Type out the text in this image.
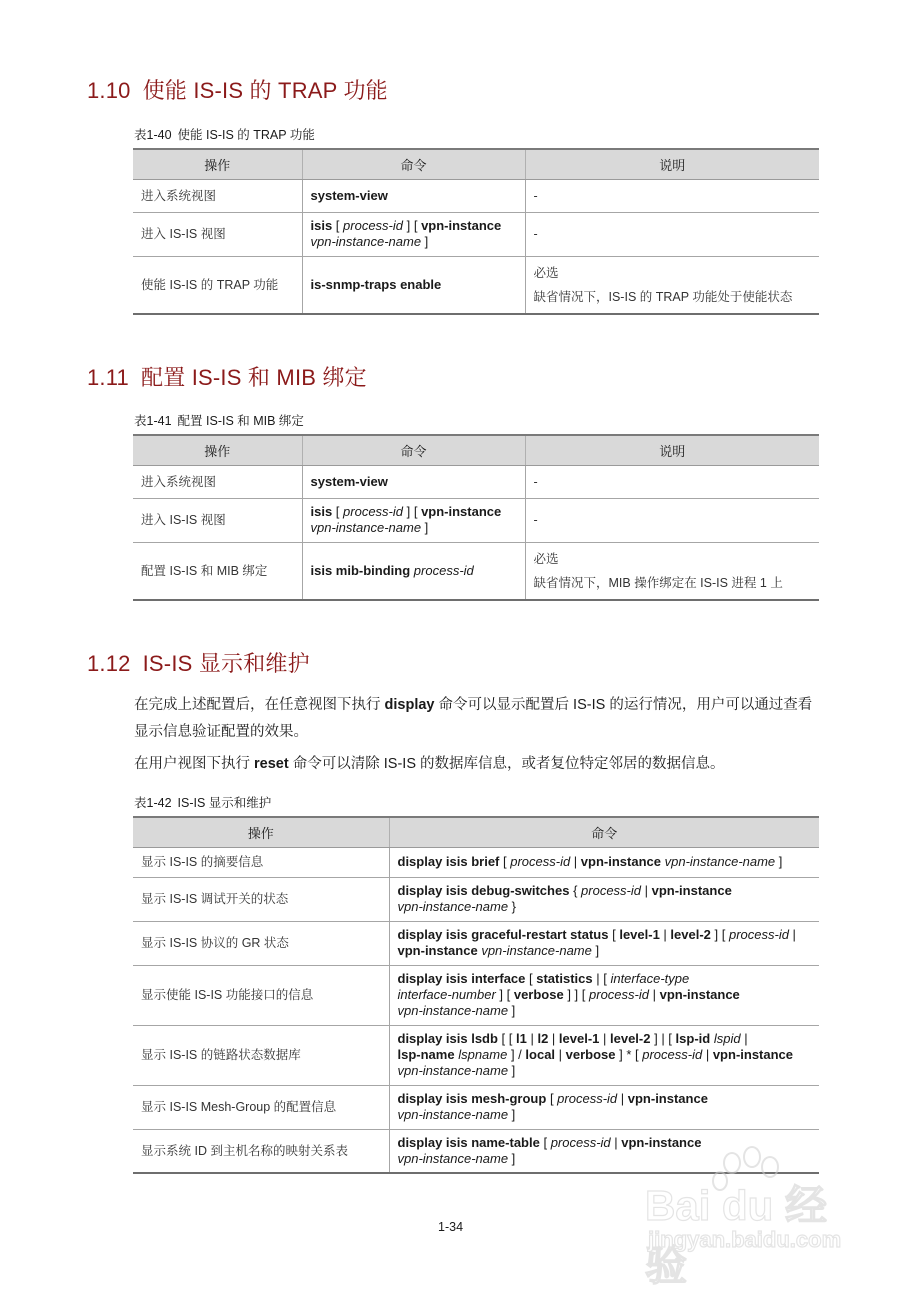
1.10 使能 IS-IS 的 TRAP 功能
表1-40 使能 IS-IS 的 TRAP 功能
操作	命令	说明
进入系统视图	system-view	-

进入 IS-IS 视图	isis [ process-id ] [ vpn-instance
vpn-instance-name ]	-

使能 IS-IS 的 TRAP 功能	is-snmp-traps enable	必选
缺省情况下，IS-IS 的 TRAP 功能处于使能状态
1.11 配置 IS-IS 和 MIB 绑定
表1-41 配置 IS-IS 和 MIB 绑定
操作	命令	说明
进入系统视图	system-view	-

进入 IS-IS 视图	isis [ process-id ] [ vpn-instance
vpn-instance-name ]	-

配置 IS-IS 和 MIB 绑定	isis mib-binding process-id	必选
缺省情况下，MIB 操作绑定在 IS-IS 进程 1 上
1.12 IS-IS 显示和维护

在完成上述配置后，在任意视图下执行 display 命令可以显示配置后 IS-IS 的运行情况，用户可以通过查看显示信息验证配置的效果。

在用户视图下执行 reset 命令可以清除 IS-IS 的数据库信息，或者复位特定邻居的数据信息。

表1-42 IS-IS 显示和维护
操作	命令
显示 IS-IS 的摘要信息	display isis brief [ process-id | vpn-instance vpn-instance-name ]
显示 IS-IS 调试开关的状态	display isis debug-switches { process-id | vpn-instance
vpn-instance-name }
显示 IS-IS 协议的 GR 状态	display isis graceful-restart status [ level-1 | level-2 ] [ process-id |
vpn-instance vpn-instance-name ]
显示使能 IS-IS 功能接口的信息	display isis interface [ statistics | [ interface-type
interface-number ] [ verbose ] ] [ process-id | vpn-instance
vpn-instance-name ]
显示 IS-IS 的链路状态数据库	display isis lsdb [ [ l1 | l2 | level-1 | level-2 ] | [ lsp-id lspid |
lsp-name lspname ] / local | verbose ] * [ process-id | vpn-instance
vpn-instance-name ]
显示 IS-IS Mesh-Group 的配置信息	display isis mesh-group [ process-id | vpn-instance
vpn-instance-name ]
显示系统 ID 到主机名称的映射关系表	display isis name-table [ process-id | vpn-instance
vpn-instance-name ]
1-34	Bai du 经验
jingyan.baidu.com
